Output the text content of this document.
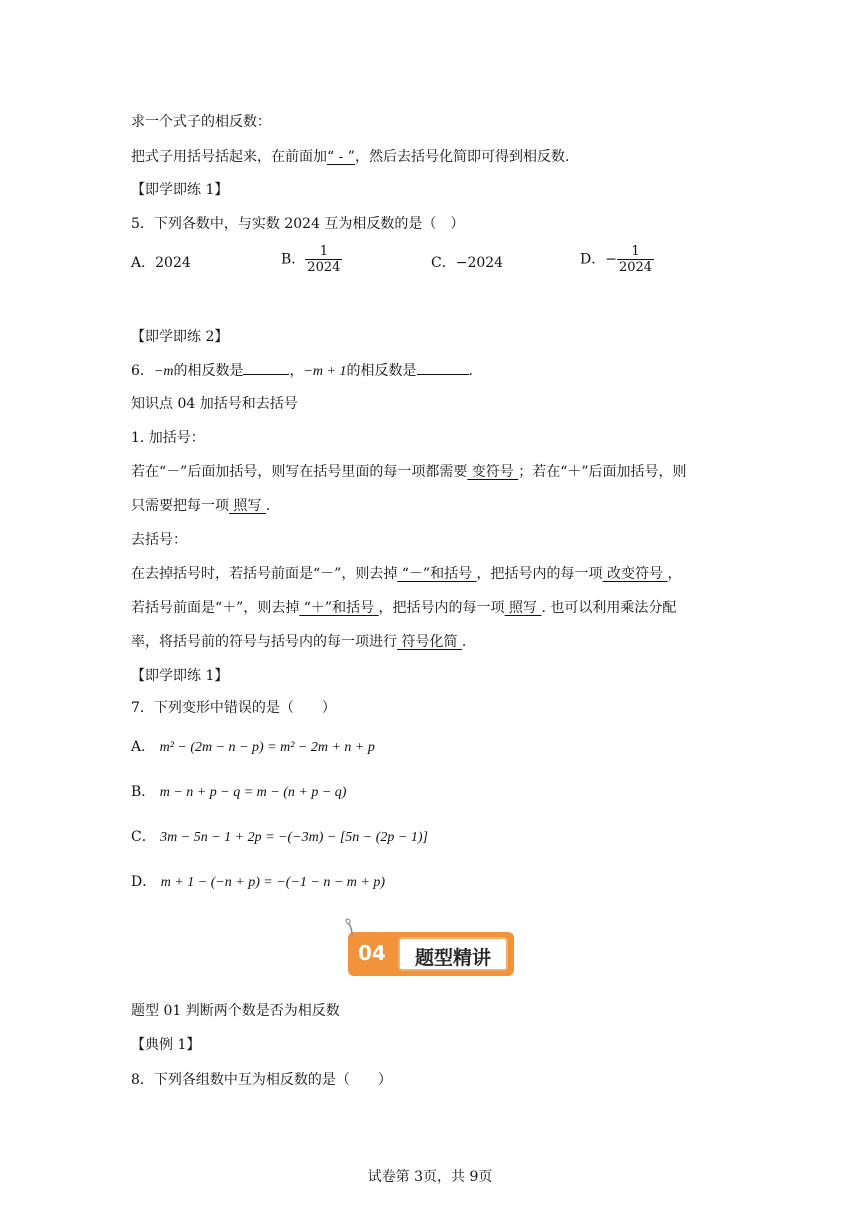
求一个式子的相反数：
把式子用括号括起来，在前面加“ - ”，然后去括号化简即可得到相反数.
【即学即练 1】
5．下列各数中，与实数 2024 互为相反数的是（　）
A．2024	B． $\frac{1}{2024}$	C．−2024	D．− $\frac{1}{2024}$
【即学即练 2】
6．−m的相反数是	，−m + 1的相反数是	.
知识点 04 加括号和去括号
1. 加括号：
若在“－”后面加括号，则写在括号里面的每一项都需要 变符号 ；若在“＋”后面加括号，则
只需要把每一项 照写 .
去括号：
在去掉括号时，若括号前面是“－”，则去掉 “－”和括号 ，把括号内的每一项 改变符号 ，
若括号前面是“＋”，则去掉 “＋”和括号 ，把括号内的每一项 照写 . 也可以利用乘法分配
率，将括号前的符号与括号内的每一项进行 符号化简 .
【即学即练 1】
7．下列变形中错误的是（　　）
A． m² − (2m − n − p) = m² − 2m + n + p
B． m − n + p − q = m − (n + p − q)
C． 3m − 5n − 1 + 2p = −(−3m) − [5n − (2p − 1)]
D． m + 1 − (−n + p) = −(−1 − n − m + p)
04	题型精讲
题型 01 判断两个数是否为相反数
【典例 1】
8．下列各组数中互为相反数的是（　　）
试卷第 3页，共 9页
